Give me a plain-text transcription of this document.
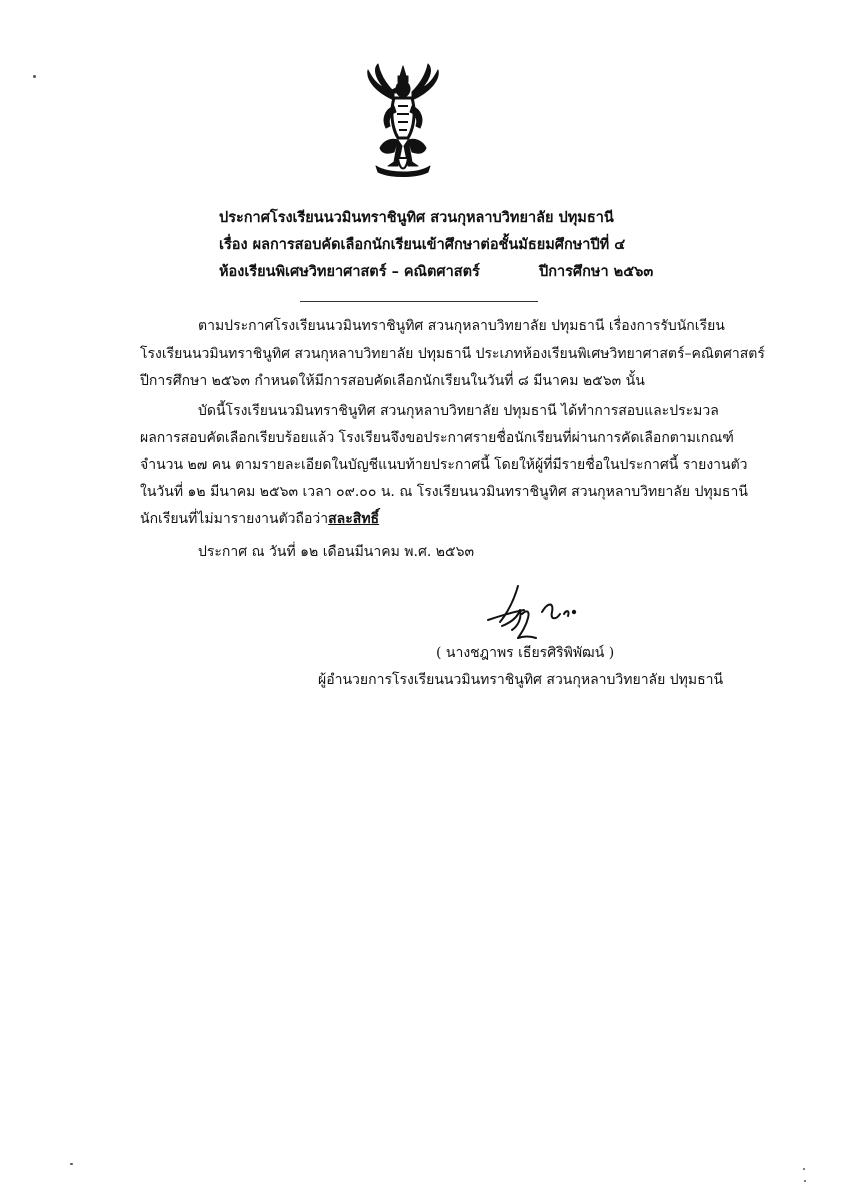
ประกาศโรงเรียนนวมินทราชินูทิศ สวนกุหลาบวิทยาลัย ปทุมธานี
เรื่อง ผลการสอบคัดเลือกนักเรียนเข้าศึกษาต่อชั้นมัธยมศึกษาปีที่ ๔
ห้องเรียนพิเศษวิทยาศาสตร์ – คณิตศาสตร์	ปีการศึกษา ๒๕๖๓
ตามประกาศโรงเรียนนวมินทราชินูทิศ สวนกุหลาบวิทยาลัย ปทุมธานี เรื่องการรับนักเรียน
โรงเรียนนวมินทราชินูทิศ สวนกุหลาบวิทยาลัย ปทุมธานี ประเภทห้องเรียนพิเศษวิทยาศาสตร์–คณิตศาสตร์
ปีการศึกษา ๒๕๖๓ กำหนดให้มีการสอบคัดเลือกนักเรียนในวันที่ ๘ มีนาคม ๒๕๖๓ นั้น
บัดนี้โรงเรียนนวมินทราชินูทิศ สวนกุหลาบวิทยาลัย ปทุมธานี ได้ทำการสอบและประมวล
ผลการสอบคัดเลือกเรียบร้อยแล้ว โรงเรียนจึงขอประกาศรายชื่อนักเรียนที่ผ่านการคัดเลือกตามเกณฑ์
จำนวน ๒๗ คน ตามรายละเอียดในบัญชีแนบท้ายประกาศนี้ โดยให้ผู้ที่มีรายชื่อในประกาศนี้ รายงานตัว
ในวันที่ ๑๒ มีนาคม ๒๕๖๓ เวลา ๐๙.๐๐ น. ณ โรงเรียนนวมินทราชินูทิศ สวนกุหลาบวิทยาลัย ปทุมธานี
นักเรียนที่ไม่มารายงานตัวถือว่าสละสิทธิ์
ประกาศ ณ วันที่ ๑๒ เดือนมีนาคม พ.ศ. ๒๕๖๓
( นางชฎาพร เธียรศิริพิพัฒน์ )
ผู้อำนวยการโรงเรียนนวมินทราชินูทิศ สวนกุหลาบวิทยาลัย ปทุมธานี
